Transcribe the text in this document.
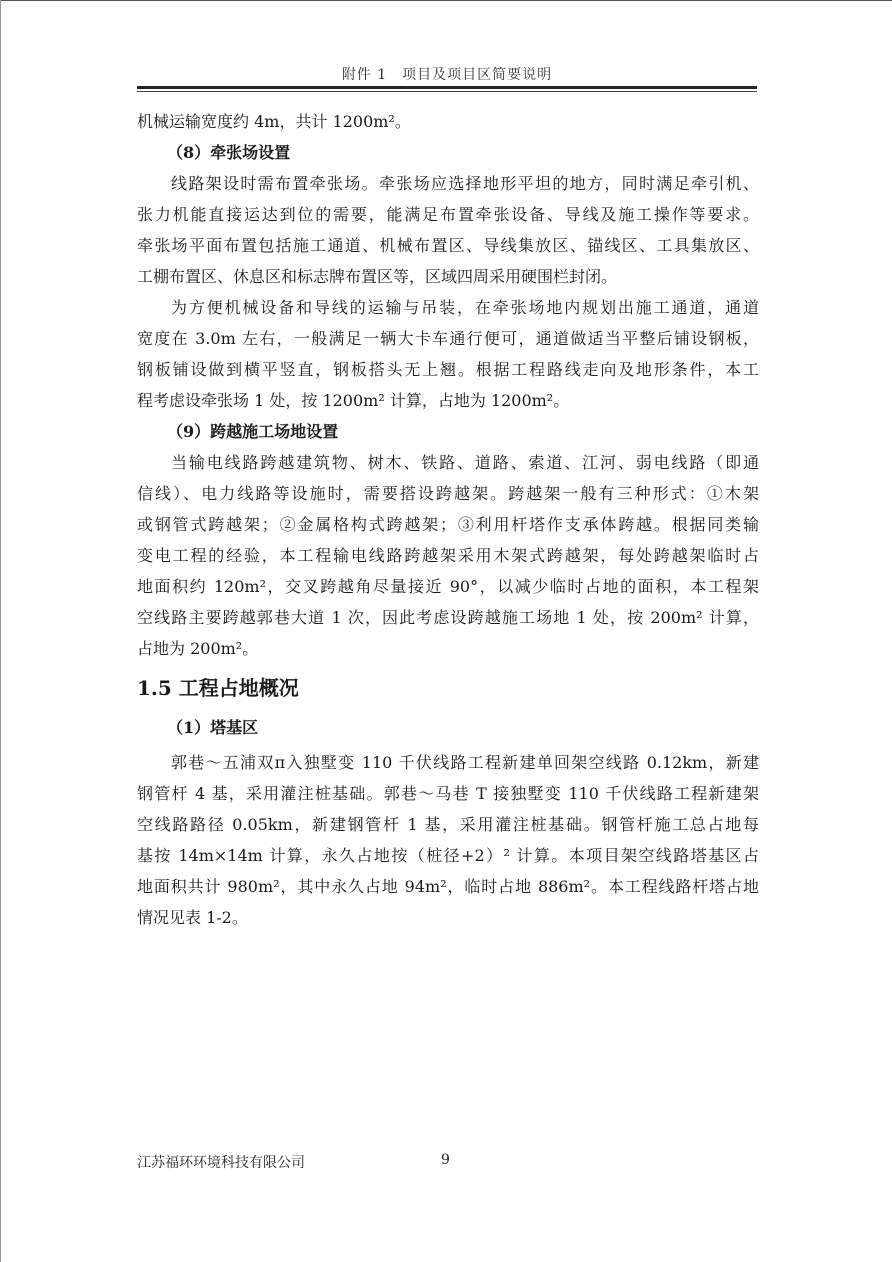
附件 1　项目及项目区简要说明
机械运输宽度约 4m，共计 1200m²。
（8）牵张场设置
线路架设时需布置牵张场。牵张场应选择地形平坦的地方，同时满足牵引机、
张力机能直接运达到位的需要，能满足布置牵张设备、导线及施工操作等要求。
牵张场平面布置包括施工通道、机械布置区、导线集放区、锚线区、工具集放区、
工棚布置区、休息区和标志牌布置区等，区域四周采用硬围栏封闭。
为方便机械设备和导线的运输与吊装，在牵张场地内规划出施工通道，通道
宽度在 3.0m 左右，一般满足一辆大卡车通行便可，通道做适当平整后铺设钢板，
钢板铺设做到横平竖直，钢板搭头无上翘。根据工程路线走向及地形条件，本工
程考虑设牵张场 1 处，按 1200m² 计算，占地为 1200m²。
（9）跨越施工场地设置
当输电线路跨越建筑物、树木、铁路、道路、索道、江河、弱电线路（即通
信线）、电力线路等设施时，需要搭设跨越架。跨越架一般有三种形式：①木架
或钢管式跨越架；②金属格构式跨越架；③利用杆塔作支承体跨越。根据同类输
变电工程的经验，本工程输电线路跨越架采用木架式跨越架，每处跨越架临时占
地面积约 120m²，交叉跨越角尽量接近 90°，以减少临时占地的面积，本工程架
空线路主要跨越郭巷大道 1 次，因此考虑设跨越施工场地 1 处，按 200m² 计算，
占地为 200m²。
1.5 工程占地概况
（1）塔基区
郭巷～五浦双π入独墅变 110 千伏线路工程新建单回架空线路 0.12km，新建
钢管杆 4 基，采用灌注桩基础。郭巷～马巷 T 接独墅变 110 千伏线路工程新建架
空线路路径 0.05km，新建钢管杆 1 基，采用灌注桩基础。钢管杆施工总占地每
基按 14m×14m 计算，永久占地按（桩径+2）² 计算。本项目架空线路塔基区占
地面积共计 980m²，其中永久占地 94m²，临时占地 886m²。本工程线路杆塔占地
情况见表 1-2。
江苏福环环境科技有限公司	9
